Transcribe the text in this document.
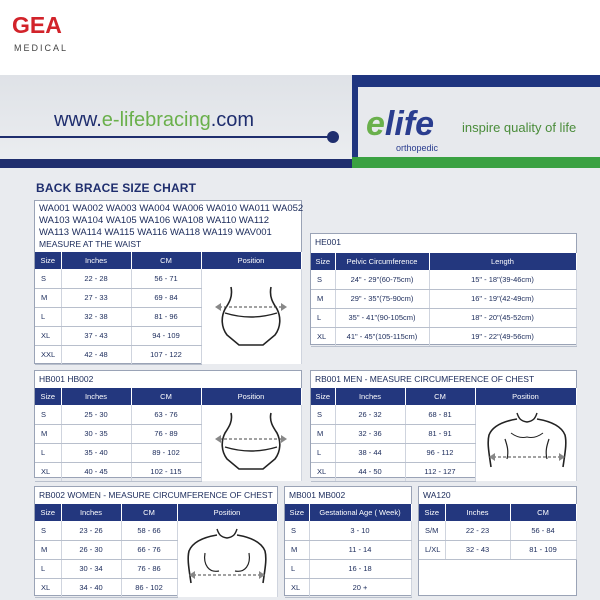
GEA
MEDICAL
www.e-lifebracing.com	elife inspire quality of life
orthopedic
BACK BRACE SIZE CHART
WA001 WA002 WA003 WA004 WA006 WA010 WA011 WA052
WA103 WA104 WA105 WA106 WA108 WA110 WA112
WA113 WA114 WA115 WA116 WA118 WA119 WAV001
MEASURE AT THE WAIST
Size	Inches	CM	Position
S	22 - 28	56 - 71	
M	27 - 33	69 - 84	
L	32 - 38	81 - 96	
XL	37 - 43	94 - 109	
XXL	42 - 48	107 - 122	
HE001
Size	Pelvic Circumference	Length
S	24" - 29"(60-75cm)	15" - 18"(39-46cm)
M	29" - 35"(75-90cm)	16" - 19"(42-49cm)
L	35" - 41"(90-105cm)	18" - 20"(45-52cm)
XL	41" - 45"(105-115cm)	19" - 22"(49-56cm)
HB001 HB002
Size	Inches	CM	Position
S	25 - 30	63 - 76	
M	30 - 35	76 - 89	
L	35 - 40	89 - 102	
XL	40 - 45	102 - 115	
RB001 MEN - MEASURE CIRCUMFERENCE OF CHEST
Size	Inches	CM	Position
S	26 - 32	68 - 81	
M	32 - 36	81 - 91	
L	38 - 44	96 - 112	
XL	44 - 50	112 - 127	
RB002 WOMEN - MEASURE CIRCUMFERENCE OF CHEST
Size	Inches	CM	Position
S	23 - 26	58 - 66	
M	26 - 30	66 - 76	
L	30 - 34	76 - 86	
XL	34 - 40	86 - 102	
MB001 MB002
Size	Gestational Age ( Week)
S	3 - 10
M	11 - 14
L	16 - 18
XL	20 +
WA120
Size	Inches	CM
S/M	22 - 23	56 - 84
L/XL	32 - 43	81 - 109
